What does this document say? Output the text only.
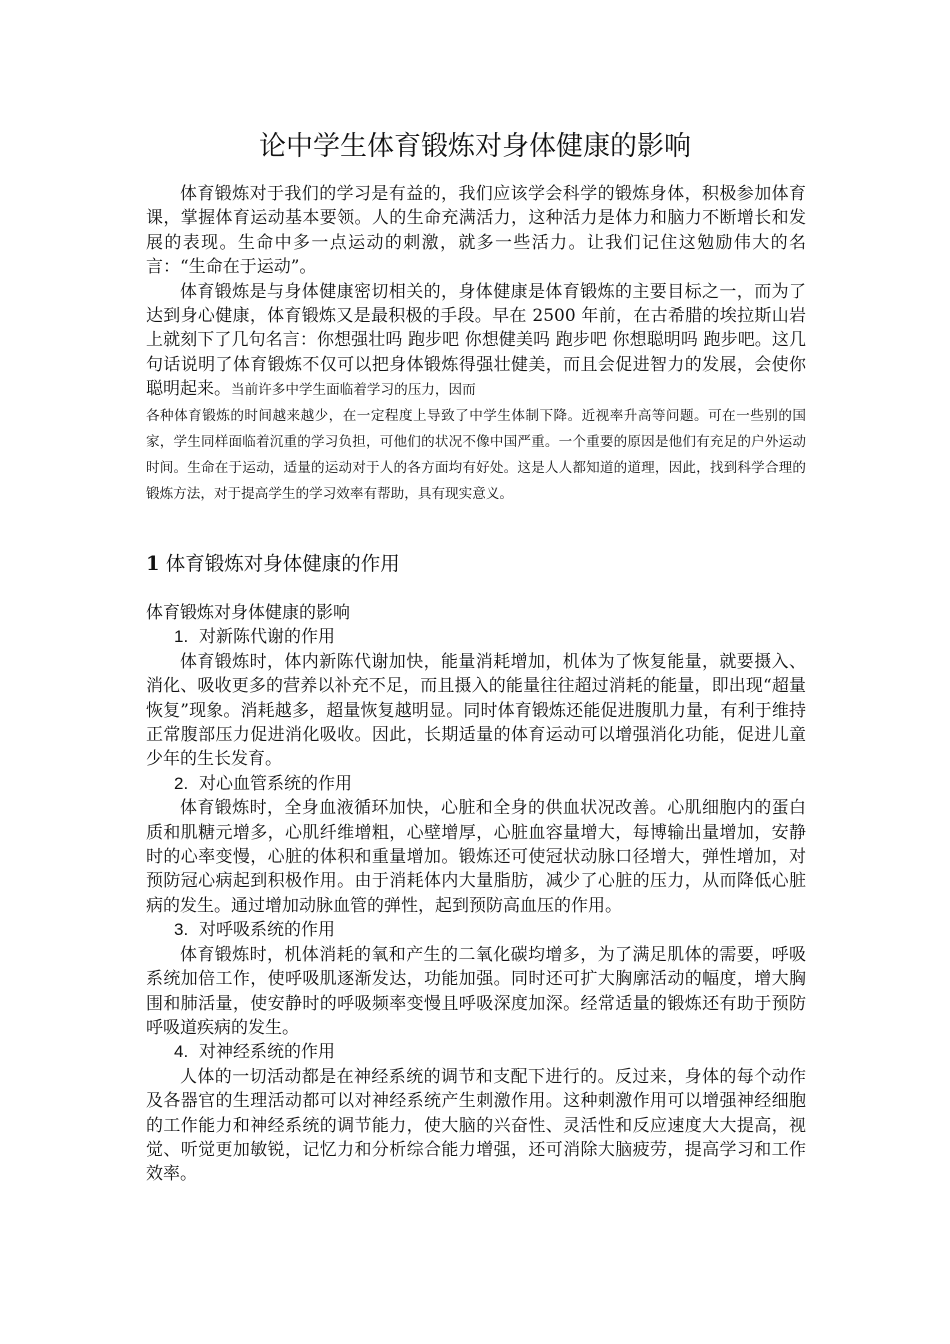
论中学生体育锻炼对身体健康的影响

体育锻炼对于我们的学习是有益的，我们应该学会科学的锻炼身体，积极参加体育课，掌握体育运动基本要领。人的生命充满活力，这种活力是体力和脑力不断增长和发展的表现。生命中多一点运动的刺激，就多一些活力。让我们记住这勉励伟大的名言：“生命在于运动”。

体育锻炼是与身体健康密切相关的，身体健康是体育锻炼的主要目标之一，而为了达到身心健康，体育锻炼又是最积极的手段。早在 2500 年前，在古希腊的埃拉斯山岩上就刻下了几句名言：你想强壮吗 跑步吧 你想健美吗 跑步吧 你想聪明吗 跑步吧。这几句话说明了体育锻炼不仅可以把身体锻炼得强壮健美，而且会促进智力的发展，会使你聪明起来。当前许多中学生面临着学习的压力，因而

各种体育锻炼的时间越来越少，在一定程度上导致了中学生体制下降。近视率升高等问题。可在一些别的国家，学生同样面临着沉重的学习负担，可他们的状况不像中国严重。一个重要的原因是他们有充足的户外运动时间。生命在于运动，适量的运动对于人的各方面均有好处。这是人人都知道的道理，因此，找到科学合理的锻炼方法，对于提高学生的学习效率有帮助，具有现实意义。

1 体育锻炼对身体健康的作用

体育锻炼对身体健康的影响

1. 对新陈代谢的作用

体育锻炼时，体内新陈代谢加快，能量消耗增加，机体为了恢复能量，就要摄入、消化、吸收更多的营养以补充不足，而且摄入的能量往往超过消耗的能量，即出现“超量恢复”现象。消耗越多，超量恢复越明显。同时体育锻炼还能促进腹肌力量，有利于维持正常腹部压力促进消化吸收。因此，长期适量的体育运动可以增强消化功能，促进儿童少年的生长发育。

2. 对心血管系统的作用

体育锻炼时，全身血液循环加快，心脏和全身的供血状况改善。心肌细胞内的蛋白质和肌糖元增多，心肌纤维增粗，心壁增厚，心脏血容量增大，每博输出量增加，安静时的心率变慢，心脏的体积和重量增加。锻炼还可使冠状动脉口径增大，弹性增加，对预防冠心病起到积极作用。由于消耗体内大量脂肪，减少了心脏的压力，从而降低心脏病的发生。通过增加动脉血管的弹性，起到预防高血压的作用。

3. 对呼吸系统的作用

体育锻炼时，机体消耗的氧和产生的二氧化碳均增多，为了满足肌体的需要，呼吸系统加倍工作，使呼吸肌逐渐发达，功能加强。同时还可扩大胸廓活动的幅度，增大胸围和肺活量，使安静时的呼吸频率变慢且呼吸深度加深。经常适量的锻炼还有助于预防呼吸道疾病的发生。

4. 对神经系统的作用

人体的一切活动都是在神经系统的调节和支配下进行的。反过来，身体的每个动作及各器官的生理活动都可以对神经系统产生刺激作用。这种刺激作用可以增强神经细胞的工作能力和神经系统的调节能力，使大脑的兴奋性、灵活性和反应速度大大提高，视觉、听觉更加敏锐，记忆力和分析综合能力增强，还可消除大脑疲劳，提高学习和工作效率。
